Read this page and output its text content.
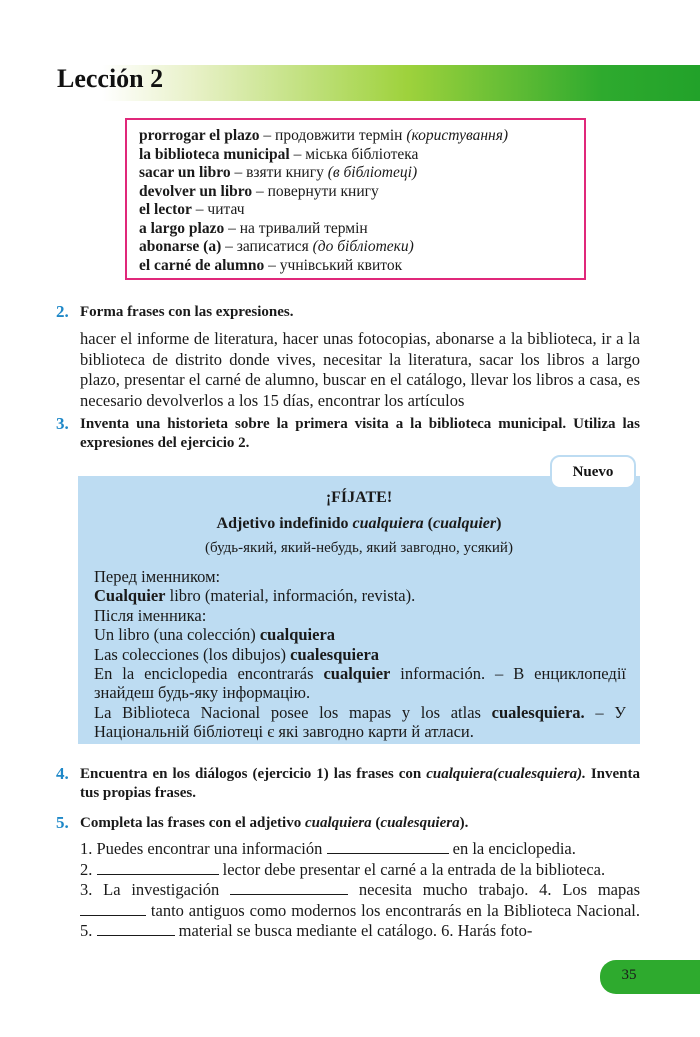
Lección 2
prorrogar el plazo – продовжити термін (користування)
la biblioteca municipal – міська бібліотека
sacar un libro – взяти книгу (в бібліотеці)
devolver un libro – повернути книгу
el lector – читач
a largo plazo – на тривалий термін
abonarse (a) – записатися (до бібліотеки)
el carné de alumno – учнівський квиток
2. Forma frases con las expresiones.
hacer el informe de literatura, hacer unas fotocopias, abonarse a la biblioteca, ir a la biblioteca de distrito donde vives, necesitar la literatura, sacar los libros a largo plazo, presentar el carné de alumno, buscar en el catálogo, llevar los libros a casa, es necesario devolverlos a los 15 días, encontrar los artículos
3. Inventa una historieta sobre la primera visita a la biblioteca municipal. Utiliza las expresiones del ejercicio 2.
Nuevo
¡FÍJATE!
Adjetivo indefinido cualquiera (cualquier)
(будь-який, який-небудь, який завгодно, усякий)
Перед іменником:
Cualquier libro (material, información, revista).
Після іменника:
Un libro (una colección) cualquiera
Las colecciones (los dibujos) cualesquiera
En la enciclopedia encontrarás cualquier información. – В енциклопедії знайдеш будь-яку інформацію.
La Biblioteca Nacional posee los mapas y los atlas cualesquiera. – У Національній бібліотеці є які завгодно карти й атласи.
4. Encuentra en los diálogos (ejercicio 1) las frases con cualquiera(cualesquiera). Inventa tus propias frases.
5. Completa las frases con el adjetivo cualquiera (cualesquiera).
1. Puedes encontrar una información	en la enciclopedia.
2.	lector debe presentar el carné a la entrada de la biblioteca.
3. La investigación	necesita mucho trabajo. 4. Los mapas  tanto antiguos como modernos los encontrarás en la Biblioteca Nacional. 5.	material se busca mediante el catálogo. 6. Harás foto-
35
